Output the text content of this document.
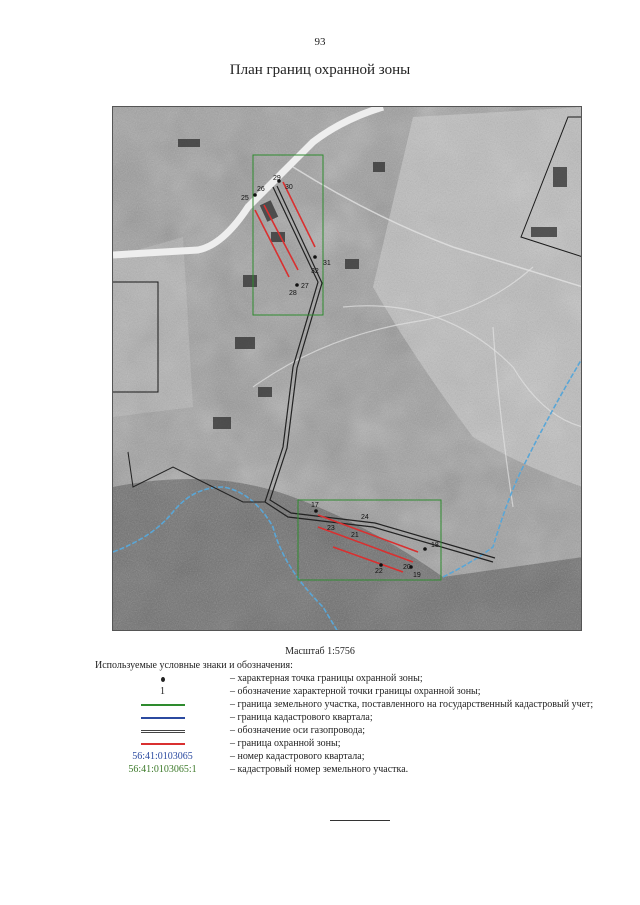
93
План границ охранной зоны
29
30
31
32
25
26
27
28
17
18
19
20
21
22
23
24
Масштаб 1:5756
Используемые условные знаки и обозначения:
– характерная точка границы охранной зоны;
1	– обозначение характерной точки границы охранной зоны;
– граница земельного участка, поставленного на государственный кадастровый учет;
– граница кадастрового квартала;
– обозначение оси газопровода;
– граница охранной зоны;
56:41:0103065	– номер кадастрового квартала;
56:41:0103065:1	– кадастровый номер земельного участка.
